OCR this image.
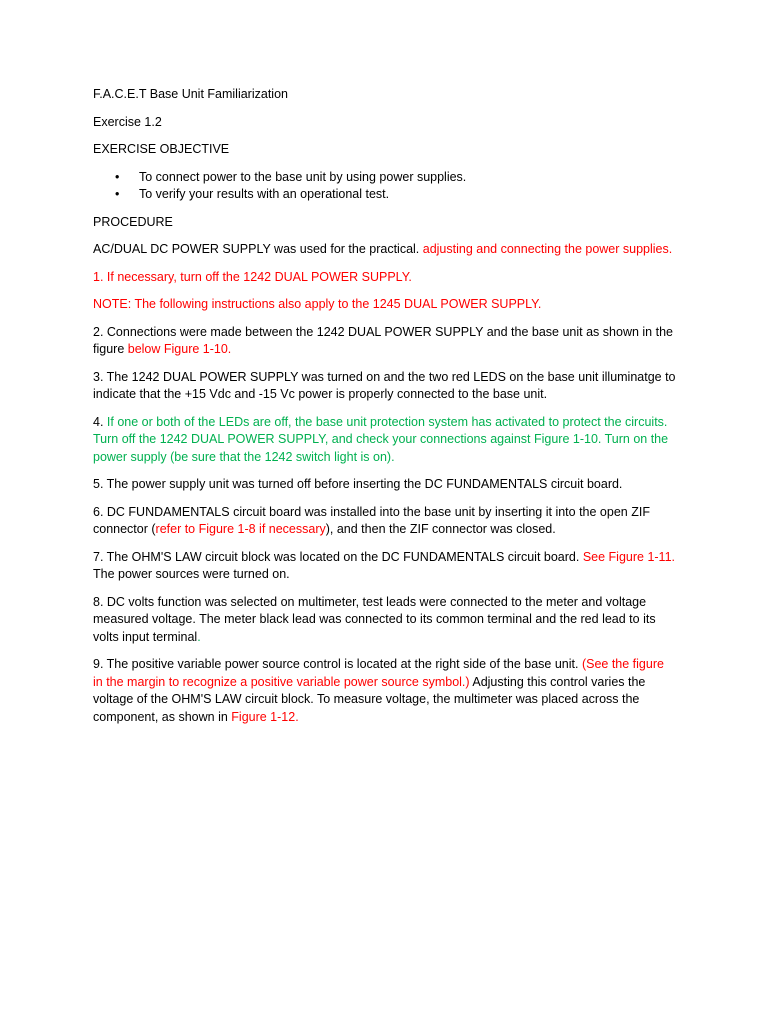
F.A.C.E.T Base Unit Familiarization

Exercise 1.2

EXERCISE OBJECTIVE

• To connect power to the base unit by using power supplies.
• To verify your results with an operational test.

PROCEDURE

AC/DUAL DC POWER SUPPLY was used for the practical. adjusting and connecting the power supplies.

1. If necessary, turn off the 1242 DUAL POWER SUPPLY.

NOTE: The following instructions also apply to the 1245 DUAL POWER SUPPLY.

2. Connections were made between the 1242 DUAL POWER SUPPLY and the base unit as shown in the figure below Figure 1-10.

3. The 1242 DUAL POWER SUPPLY was turned on and the two red LEDS on the base unit illuminatge to indicate that the +15 Vdc and -15 Vc power is properly connected to the base unit.

4. If one or both of the LEDs are off, the base unit protection system has activated to protect the circuits. Turn off the 1242 DUAL POWER SUPPLY, and check your connections against Figure 1-10. Turn on the power supply (be sure that the 1242 switch light is on).

5. The power supply unit was turned off before inserting the DC FUNDAMENTALS circuit board.

6. DC FUNDAMENTALS circuit board was installed into the base unit by inserting it into the open ZIF connector (refer to Figure 1-8 if necessary), and then the ZIF connector was closed.

7. The OHM'S LAW circuit block was located on the DC FUNDAMENTALS circuit board. See Figure 1-11. The power sources were turned on.

8. DC volts function was selected on multimeter, test leads were connected to the meter and voltage measured voltage. The meter black lead was connected to its common terminal and the red lead to its volts input terminal.

9. The positive variable power source control is located at the right side of the base unit. (See the figure in the margin to recognize a positive variable power source symbol.) Adjusting this control varies the voltage of the OHM'S LAW circuit block. To measure voltage, the multimeter was placed across the component, as shown in Figure 1-12.
